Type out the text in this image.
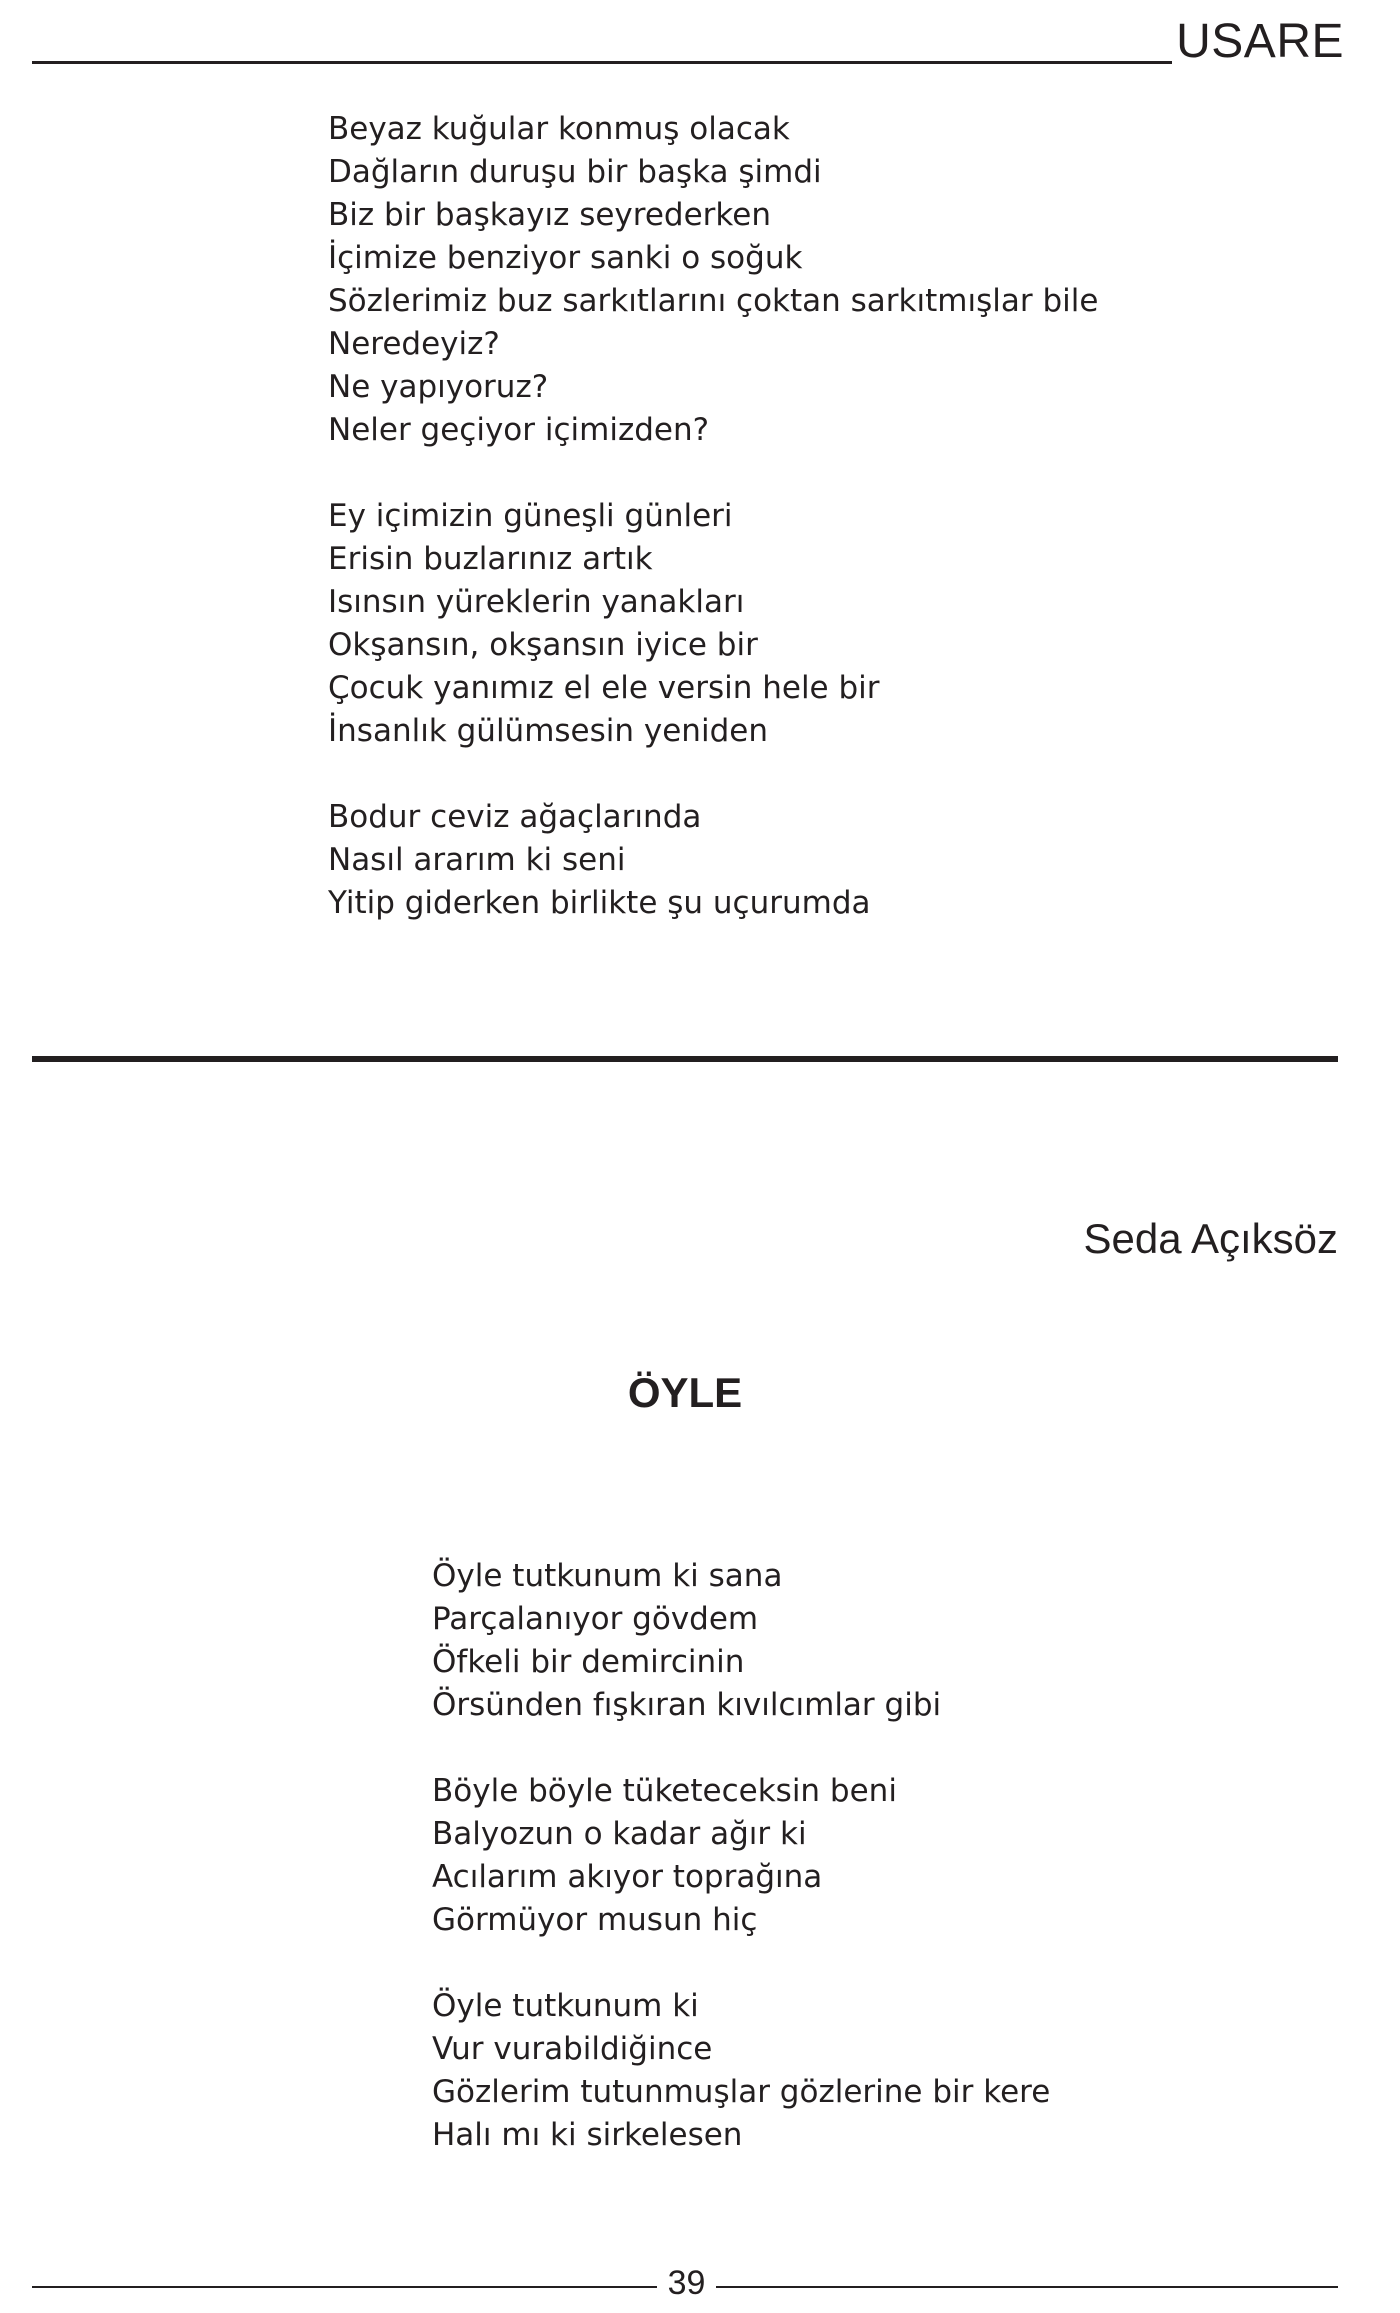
USARE
Beyaz kuğular konmuş olacak
Dağların duruşu bir başka şimdi
Biz bir başkayız seyrederken
İçimize benziyor sanki o soğuk
Sözlerimiz buz sarkıtlarını çoktan sarkıtmışlar bile
Neredeyiz?
Ne yapıyoruz?
Neler geçiyor içimizden?
Ey içimizin güneşli günleri
Erisin buzlarınız artık
Isınsın yüreklerin yanakları
Okşansın, okşansın iyice bir
Çocuk yanımız el ele versin hele bir
İnsanlık gülümsesin yeniden
Bodur ceviz ağaçlarında
Nasıl ararım ki seni
Yitip giderken birlikte şu uçurumda
Seda Açıksöz
ÖYLE
Öyle tutkunum ki sana
Parçalanıyor gövdem
Öfkeli bir demircinin
Örsünden fışkıran kıvılcımlar gibi
Böyle böyle tüketeceksin beni
Balyozun o kadar ağır ki
Acılarım akıyor toprağına
Görmüyor musun hiç
Öyle tutkunum ki
Vur vurabildiğince
Gözlerim tutunmuşlar gözlerine bir kere
Halı mı ki sirkelesen
39
